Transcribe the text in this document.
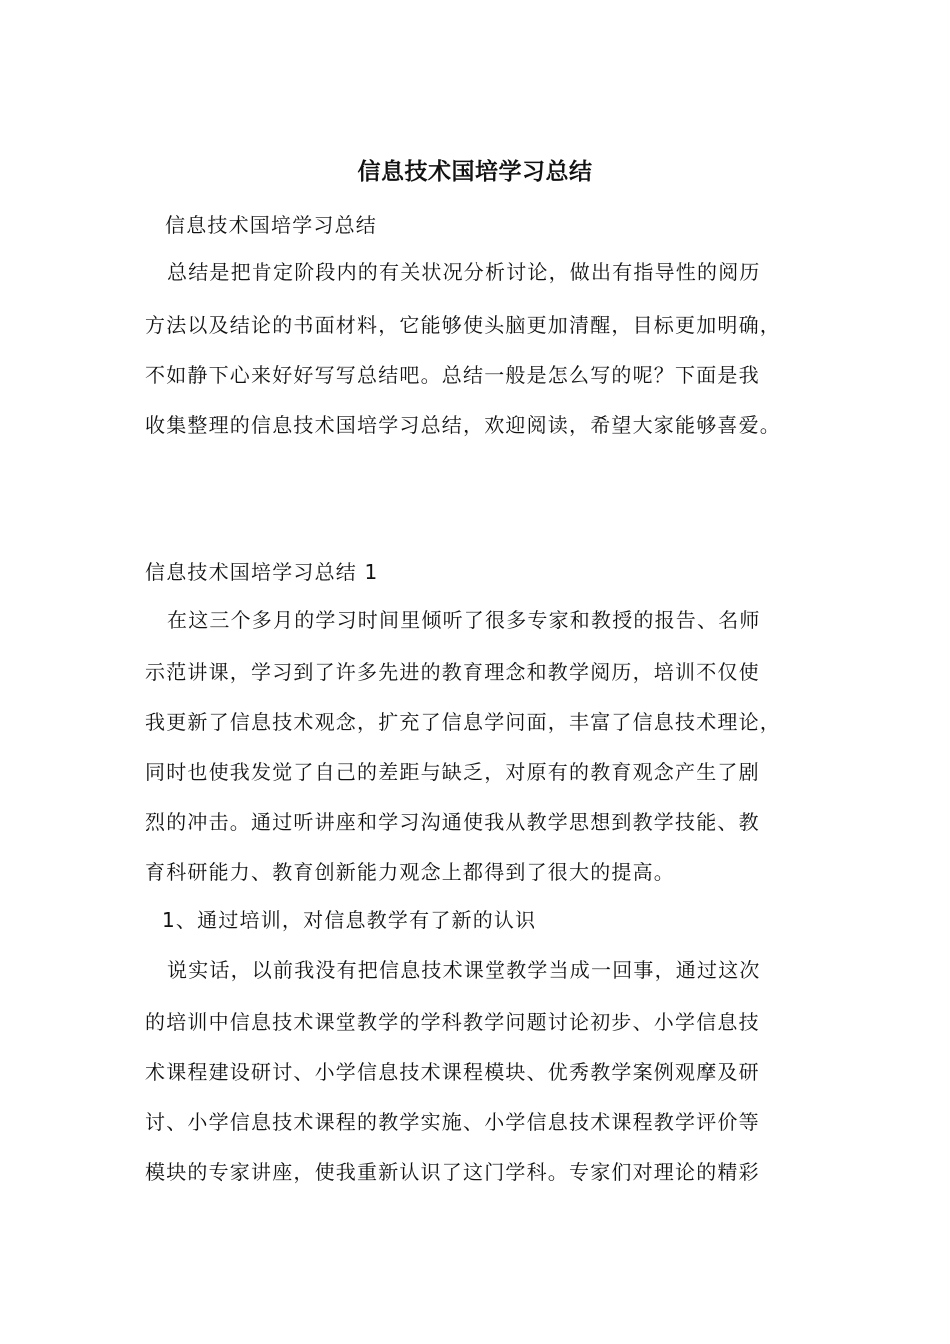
信息技术国培学习总结
信息技术国培学习总结
总结是把肯定阶段内的有关状况分析讨论，做出有指导性的阅历
方法以及结论的书面材料，它能够使头脑更加清醒，目标更加明确，
不如静下心来好好写写总结吧。总结一般是怎么写的呢？下面是我
收集整理的信息技术国培学习总结，欢迎阅读，希望大家能够喜爱。
信息技术国培学习总结 1
在这三个多月的学习时间里倾听了很多专家和教授的报告、名师
示范讲课，学习到了许多先进的教育理念和教学阅历，培训不仅使
我更新了信息技术观念，扩充了信息学问面，丰富了信息技术理论，
同时也使我发觉了自己的差距与缺乏，对原有的教育观念产生了剧
烈的冲击。通过听讲座和学习沟通使我从教学思想到教学技能、教
育科研能力、教育创新能力观念上都得到了很大的提高。
1、通过培训，对信息教学有了新的认识
说实话，以前我没有把信息技术课堂教学当成一回事，通过这次
的培训中信息技术课堂教学的学科教学问题讨论初步、小学信息技
术课程建设研讨、小学信息技术课程模块、优秀教学案例观摩及研
讨、小学信息技术课程的教学实施、小学信息技术课程教学评价等
模块的专家讲座，使我重新认识了这门学科。专家们对理论的精彩
